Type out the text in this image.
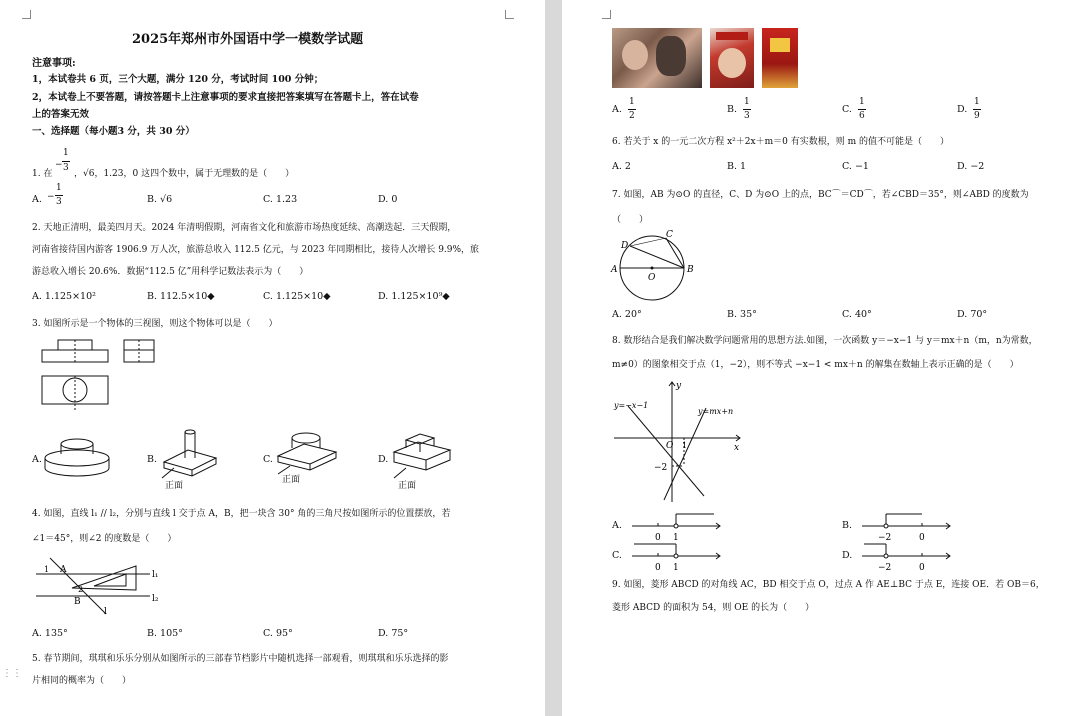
2025年郑州市外国语中学一模数学试题
注意事项:
1，本试卷共 6 页，三个大题，满分 120 分，考试时间 100 分钟；
2，本试卷上不要答题，请按答题卡上注意事项的要求直接把答案填写在答题卡上，答在试卷
上的答案无效
一、选择题（每小题3 分，共 30 分）
1. 在
−
1
3
，√6，1.23，0 这四个数中，属于无理数的是（　　）
A. −
1
3	B. √6	C. 1.23	D. 0
2. 天地正清明，最美四月天。2024 年清明假期，河南省文化和旅游市场热度延续、高潮迭起．三天假期，
河南省接待国内游客 1906.9 万人次，旅游总收入 112.5 亿元，与 2023 年同期相比，接待人次增长 9.9%，旅
游总收入增长 20.6%．数据“112.5 亿”用科学记数法表示为（　　）
A. 1.125×10²	B. 112.5×10◆	C. 1.125×10◆	D. 1.125×10⁹◆
3. 如图所示是一个物体的三视图，则这个物体可以是（　　）
A.	B.
正面
C.
正面
D.
正面
4. 如图，直线 l₁ // l₂，分别与直线 l 交于点 A，B，把一块含 30° 角的三角尺按如图所示的位置摆放，若
∠1＝45°，则∠2 的度数是（　　）
A
B
1
2
l₁
l₂
l
A. 135°	B. 105°	C. 95°	D. 75°
5. 春节期间，琪琪和乐乐分别从如图所示的三部春节档影片中随机选择一部观看，则琪琪和乐乐选择的影
片相同的概率为（　　）
⋮⋮
A.
1
2
B.
1
3
C.
1
6
D.
1
9
6. 若关于 x 的一元二次方程 x²＋2x＋m＝0 有实数根，则 m 的值不可能是（　　）
A. 2	B. 1	C. −1	D. −2
7. 如图，AB 为⊙O 的直径，C、D 为⊙O 上的点，BC⌒＝CD⌒，若∠CBD＝35°，则∠ABD 的度数为
（　　）
A	B
C
D
O
A. 20°	B. 35°	C. 40°	D. 70°
8. 数形结合是我们解决数学问题常用的思想方法.如图，一次函数 y＝−x−1 与 y＝mx＋n（m，n为常数，
m≠0）的图象相交于点（1，−2），则不等式 −x−1 < mx＋n 的解集在数轴上表示正确的是（　　）
y=−x−1
y=mx+n
y
x
O
−2
1
A.
0 1
B.
−2	0
C.
0 1
D.
−2	0
9. 如图，菱形 ABCD 的对角线 AC，BD 相交于点 O，过点 A 作 AE⊥BC 于点 E，连接 OE．若 OB＝6，
菱形 ABCD 的面积为 54，则 OE 的长为（　　）
